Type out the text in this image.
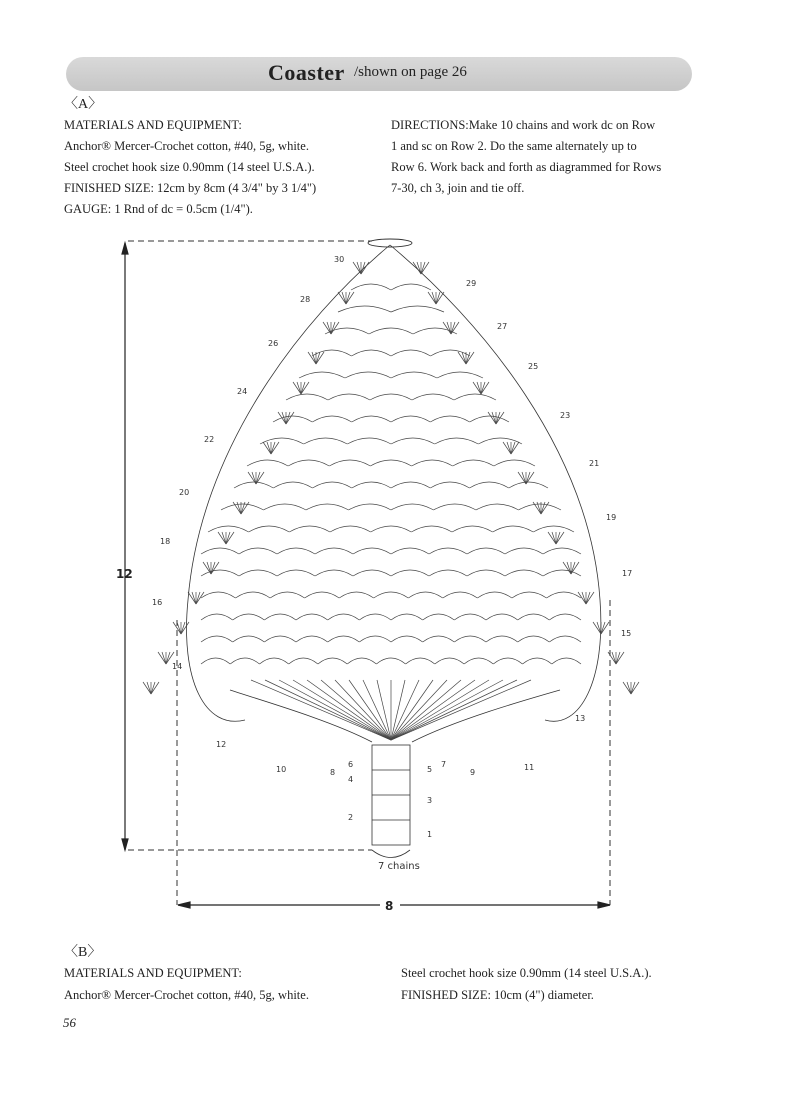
Coaster /shown on page 26
〈A〉
MATERIALS AND EQUIPMENT:
Anchor® Mercer-Crochet cotton, #40, 5g, white.
Steel crochet hook size 0.90mm (14 steel U.S.A.).
FINISHED SIZE: 12cm by 8cm (4 3/4" by 3 1/4")
GAUGE: 1 Rnd of dc = 0.5cm (1/4").
DIRECTIONS:Make 10 chains and work dc on Row
1 and sc on Row 2. Do the same alternately up to
Row 6. Work back and forth as diagrammed for Rows
7-30, ch 3, join and tie off.
12
8
7 chains
30
28
26
24
22
20
18
16
14
12
10	8
6
4
2
29
27
25
23
21
19
17
15
13
11
9
7
5
3
1
〈B〉
MATERIALS AND EQUIPMENT:
Anchor® Mercer-Crochet cotton, #40, 5g, white.
Steel crochet hook size 0.90mm (14 steel U.S.A.).
FINISHED SIZE: 10cm (4") diameter.
56
